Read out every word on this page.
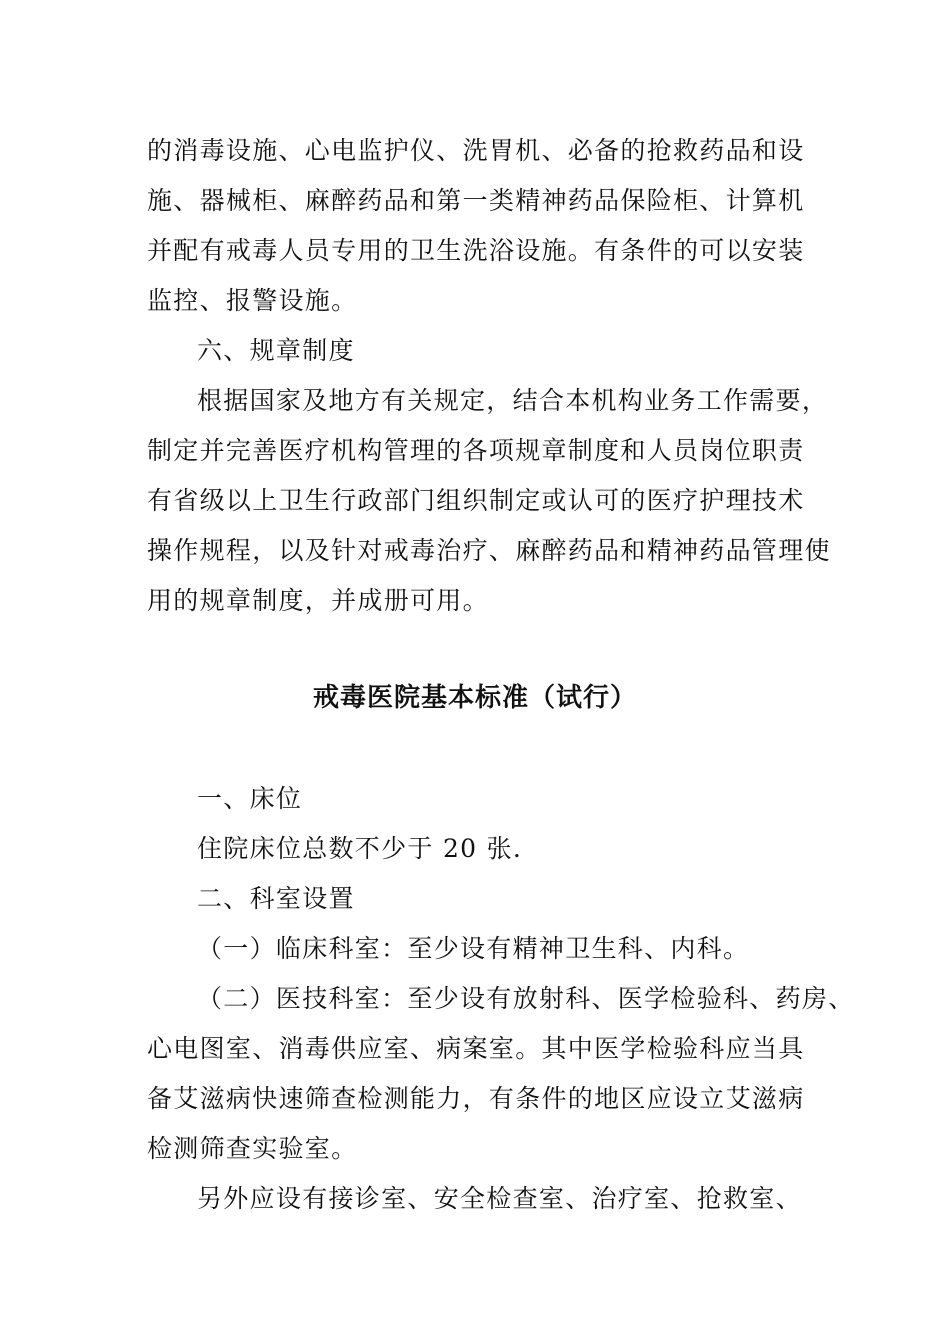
的消毒设施、心电监护仪、洗胃机、必备的抢救药品和设
施、器械柜、麻醉药品和第一类精神药品保险柜、计算机
并配有戒毒人员专用的卫生洗浴设施。有条件的可以安装
监控、报警设施。
六、规章制度
根据国家及地方有关规定，结合本机构业务工作需要，
制定并完善医疗机构管理的各项规章制度和人员岗位职责
有省级以上卫生行政部门组织制定或认可的医疗护理技术
操作规程，以及针对戒毒治疗、麻醉药品和精神药品管理使
用的规章制度，并成册可用。
戒毒医院基本标准（试行）
一、床位
住院床位总数不少于 20 张.
二、科室设置
（一）临床科室：至少设有精神卫生科、内科。
（二）医技科室：至少设有放射科、医学检验科、药房、
心电图室、消毒供应室、病案室。其中医学检验科应当具
备艾滋病快速筛查检测能力，有条件的地区应设立艾滋病
检测筛查实验室。
另外应设有接诊室、安全检查室、治疗室、抢救室、
